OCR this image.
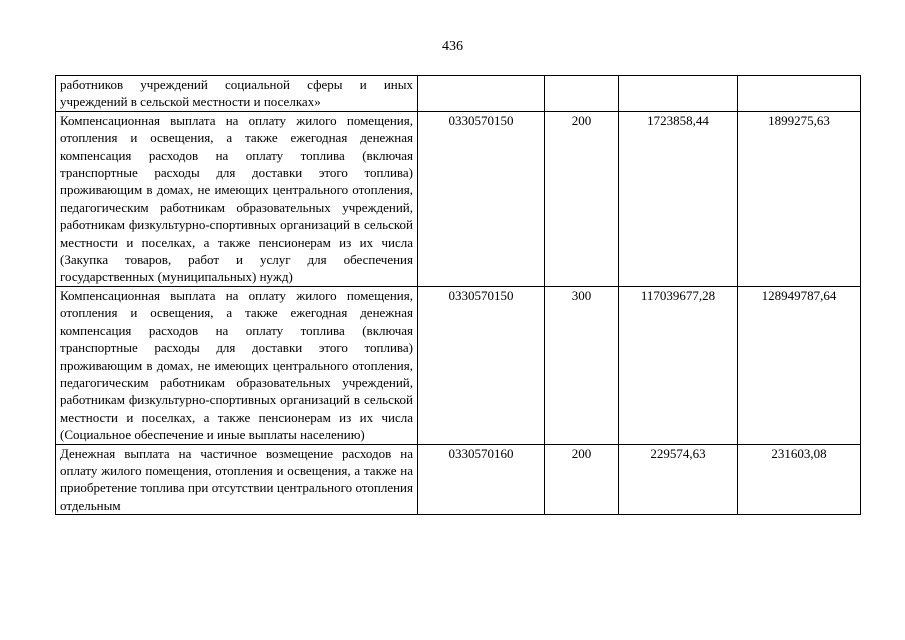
436
работников учреждений социальной сферы и иных учреждений в сельской местности и поселках»				
Компенсационная выплата на оплату жилого помещения, отопления и освещения, а также ежегодная денежная компенсация расходов на оплату топлива (включая транспортные расходы для доставки этого топлива) проживающим в домах, не имеющих центрального отопления, педагогическим работникам образовательных учреждений, работникам физкультурно-спортивных организаций в сельской местности и поселках, а также пенсионерам из их числа (Закупка товаров, работ и услуг для обеспечения государственных (муниципальных) нужд)	0330570150	200	1723858,44	1899275,63
Компенсационная выплата на оплату жилого помещения, отопления и освещения, а также ежегодная денежная компенсация расходов на оплату топлива (включая транспортные расходы для доставки этого топлива) проживающим в домах, не имеющих центрального отопления, педагогическим работникам образовательных учреждений, работникам физкультурно-спортивных организаций в сельской местности и поселках, а также пенсионерам из их числа (Социальное обеспечение и иные выплаты населению)	0330570150	300	117039677,28	128949787,64
Денежная выплата на частичное возмещение расходов на оплату жилого помещения, отопления и освещения, а также на приобретение топлива при отсутствии центрального отопления отдельным	0330570160	200	229574,63	231603,08
